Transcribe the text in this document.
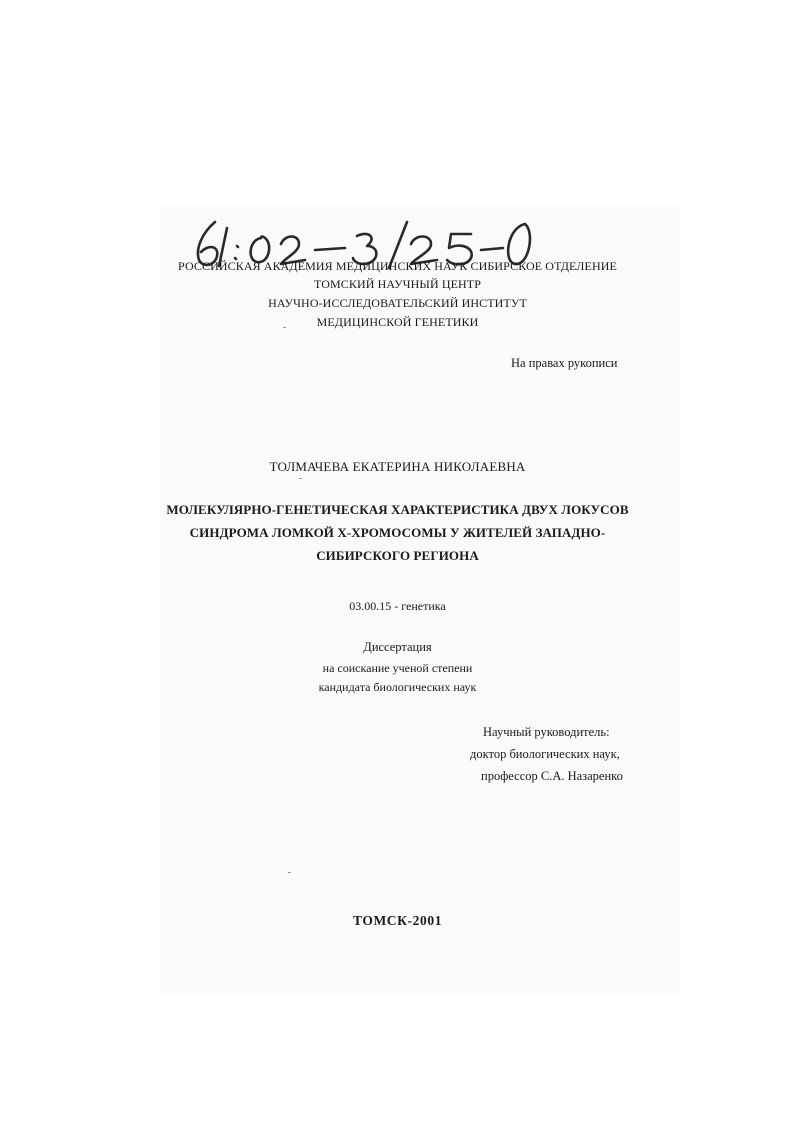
РОССИЙСКАЯ АКАДЕМИЯ МЕДИЦИНСКИХ НАУК СИБИРСКОЕ ОТДЕЛЕНИЕ
ТОМСКИЙ НАУЧНЫЙ ЦЕНТР
НАУЧНО-ИССЛЕДОВАТЕЛЬСКИЙ ИНСТИТУТ
МЕДИЦИНСКОЙ ГЕНЕТИКИ
На правах рукописи
ТОЛМАЧЕВА ЕКАТЕРИНА НИКОЛАЕВНА
МОЛЕКУЛЯРНО-ГЕНЕТИЧЕСКАЯ ХАРАКТЕРИСТИКА ДВУХ ЛОКУСОВ
СИНДРОМА ЛОМКОЙ Х-ХРОМОСОМЫ У ЖИТЕЛЕЙ ЗАПАДНО-
СИБИРСКОГО РЕГИОНА
03.00.15 - генетика
Диссертация
на соискание ученой степени
кандидата биологических наук
Научный руководитель:
доктор биологических наук,
профессор С.А. Назаренко
ТОМСК-2001
